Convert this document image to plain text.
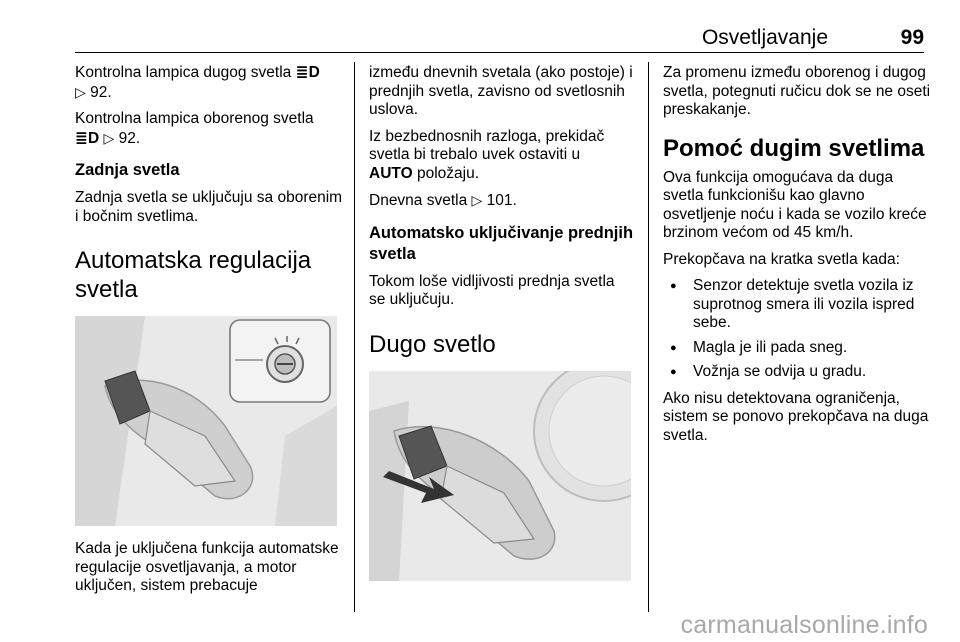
Osvetljavanje	99

Kontrolna lampica dugog svetla ≣D
▷ 92.

Kontrolna lampica oborenog svetla
≣D ▷ 92.

Zadnja svetla

Zadnja svetla se uključuju sa oborenim i bočnim svetlima.

Automatska regulacija svetla

Kada je uključena funkcija automatske regulacije osvetljavanja, a motor uključen, sistem prebacuje

između dnevnih svetala (ako postoje) i prednjih svetla, zavisno od svetlosnih uslova.

Iz bezbednosnih razloga, prekidač svetla bi trebalo uvek ostaviti u
AUTO položaju.

Dnevna svetla ▷ 101.

Automatsko uključivanje prednjih svetla

Tokom loše vidljivosti prednja svetla se uključuju.

Dugo svetlo

Za promenu između oborenog i dugog svetla, potegnuti ručicu dok se ne oseti preskakanje.

Pomoć dugim svetlima

Ova funkcija omogućava da duga svetla funkcionišu kao glavno osvetljenje noću i kada se vozilo kreće brzinom većom od 45 km/h.

Prekopčava na kratka svetla kada:

● Senzor detektuje svetla vozila iz suprotnog smera ili vozila ispred sebe.
● Magla je ili pada sneg.
● Vožnja se odvija u gradu.

Ako nisu detektovana ograničenja, sistem se ponovo prekopčava na duga svetla.

carmanualsonline.info
